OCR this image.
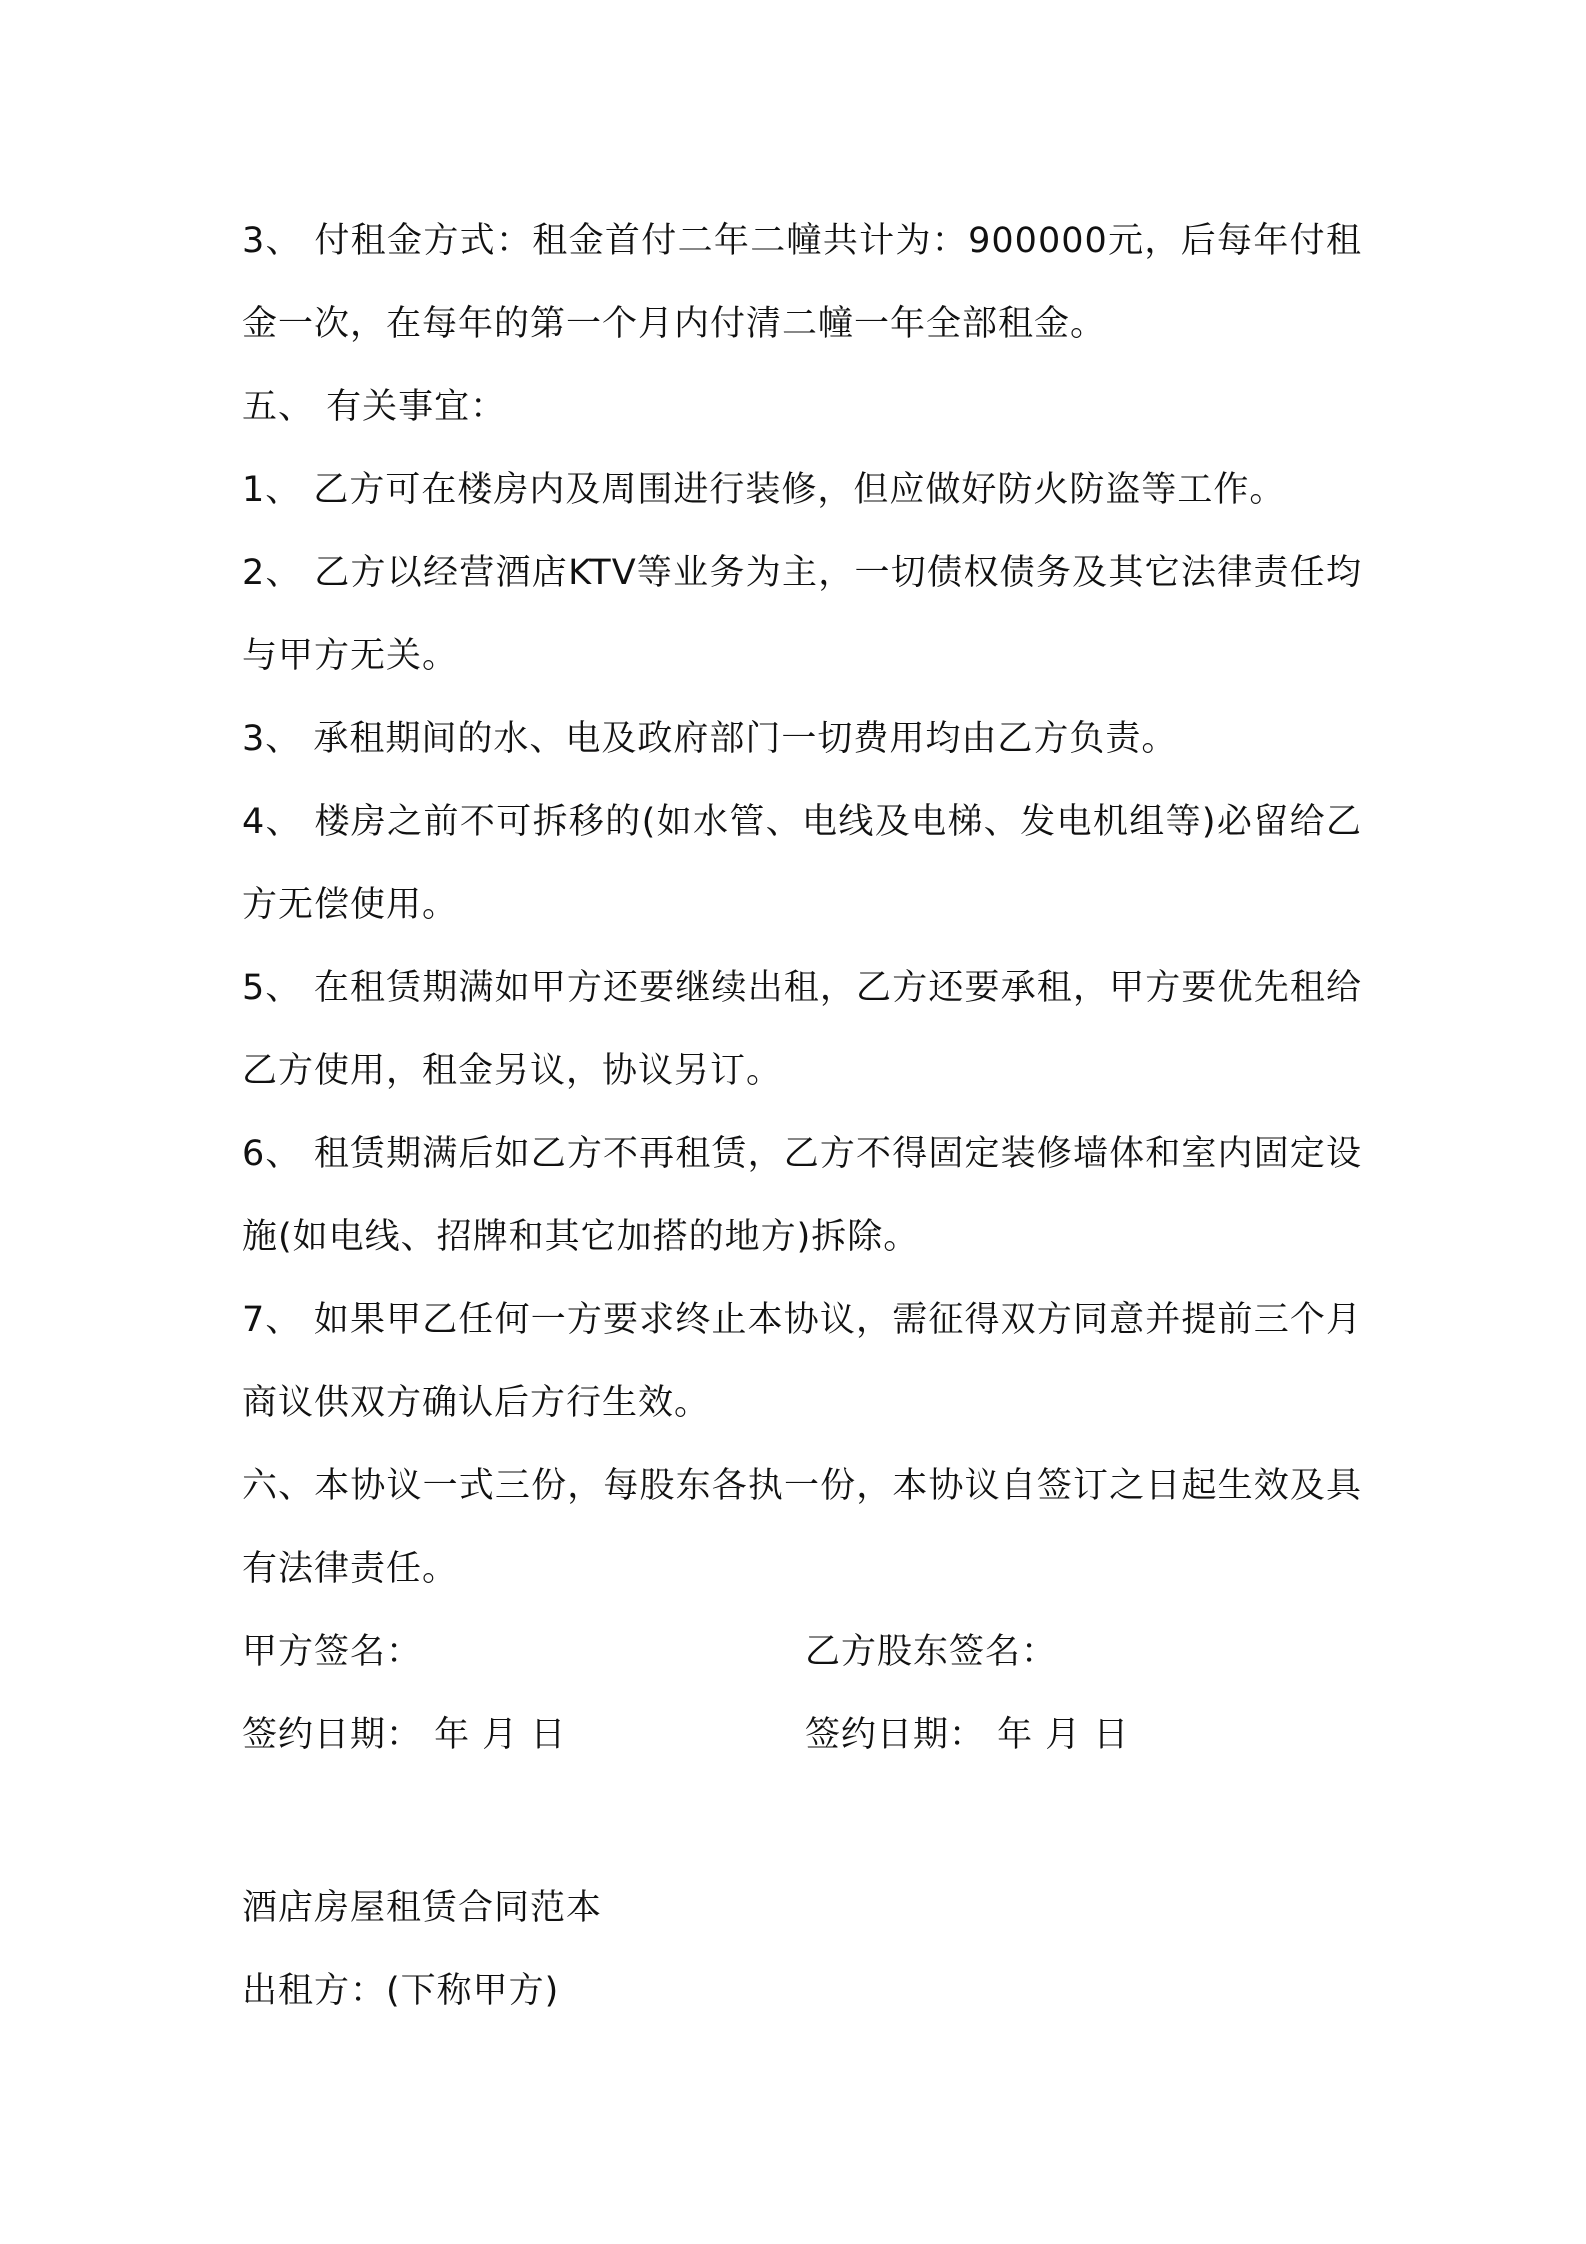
3、 付租金方式：租金首付二年二幢共计为：900000元，后每年付租金一次，在每年的第一个月内付清二幢一年全部租金。

五、 有关事宜：

1、 乙方可在楼房内及周围进行装修，但应做好防火防盗等工作。

2、 乙方以经营酒店KTV等业务为主，一切债权债务及其它法律责任均与甲方无关。

3、 承租期间的水、电及政府部门一切费用均由乙方负责。

4、 楼房之前不可拆移的(如水管、电线及电梯、发电机组等)必留给乙方无偿使用。

5、 在租赁期满如甲方还要继续出租，乙方还要承租，甲方要优先租给乙方使用，租金另议，协议另订。

6、 租赁期满后如乙方不再租赁，乙方不得固定装修墙体和室内固定设施(如电线、招牌和其它加搭的地方)拆除。

7、 如果甲乙任何一方要求终止本协议，需征得双方同意并提前三个月商议供双方确认后方行生效。

六、本协议一式三份，每股东各执一份，本协议自签订之日起生效及具有法律责任。

甲方签名：	乙方股东签名：
签约日期： 年 月 日	签约日期： 年 月 日

酒店房屋租赁合同范本

出租方：(下称甲方)
